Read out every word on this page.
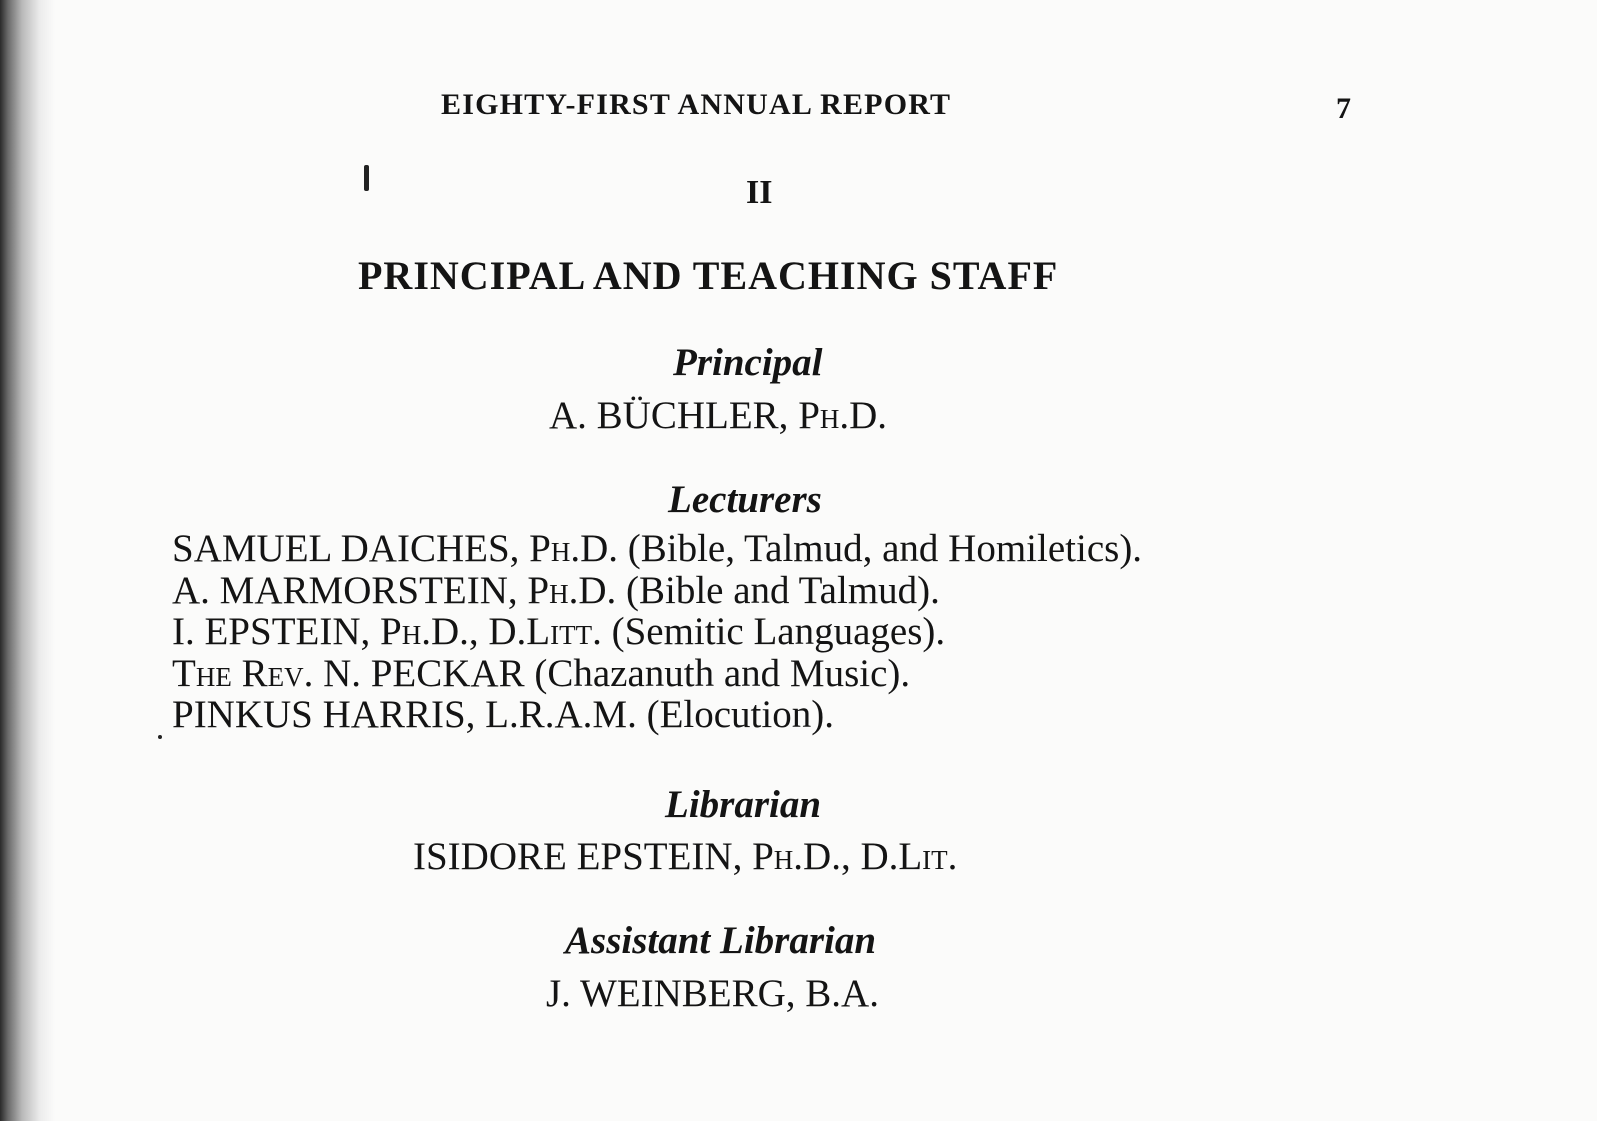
EIGHTY-FIRST ANNUAL REPORT	7
II
PRINCIPAL AND TEACHING STAFF
Principal
A. BÜCHLER, Ph.D.
Lecturers
SAMUEL DAICHES, Ph.D. (Bible, Talmud, and Homiletics).
A. MARMORSTEIN, Ph.D. (Bible and Talmud).
I. EPSTEIN, Ph.D., D.Litt. (Semitic Languages).
The Rev. N. PECKAR (Chazanuth and Music).
PINKUS HARRIS, L.R.A.M. (Elocution).
Librarian
ISIDORE EPSTEIN, Ph.D., D.Lit.
Assistant Librarian
J. WEINBERG, B.A.
